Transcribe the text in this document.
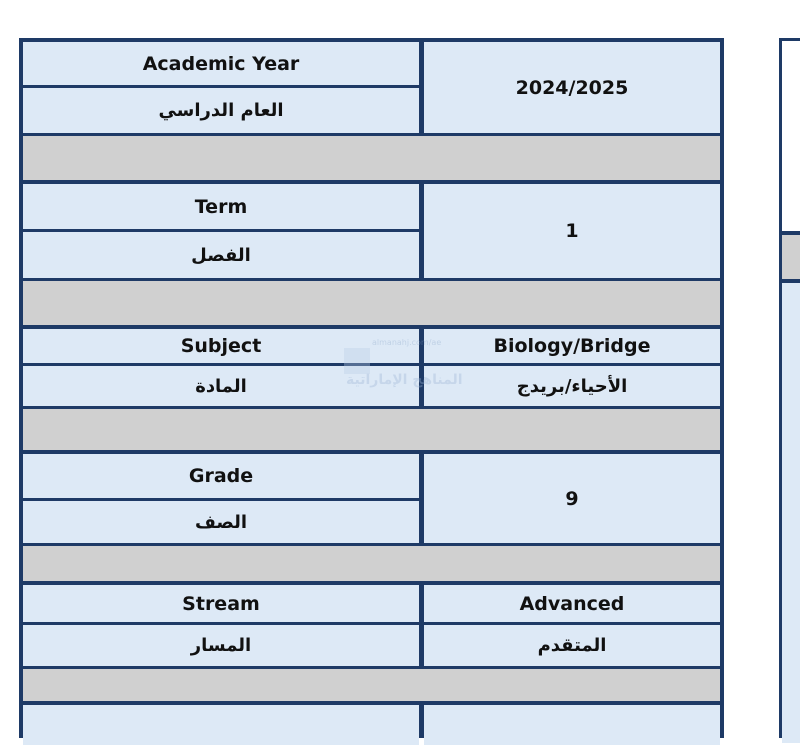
Academic Year
العام الدراسي
2024/2025
Term
الفصل
1
Subject
المادة
Biology/Bridge
الأحياء/بريدج
Grade
الصف
9
Stream
المسار
Advanced
المتقدم
almanahj.com/ae
المناهج الإماراتية
